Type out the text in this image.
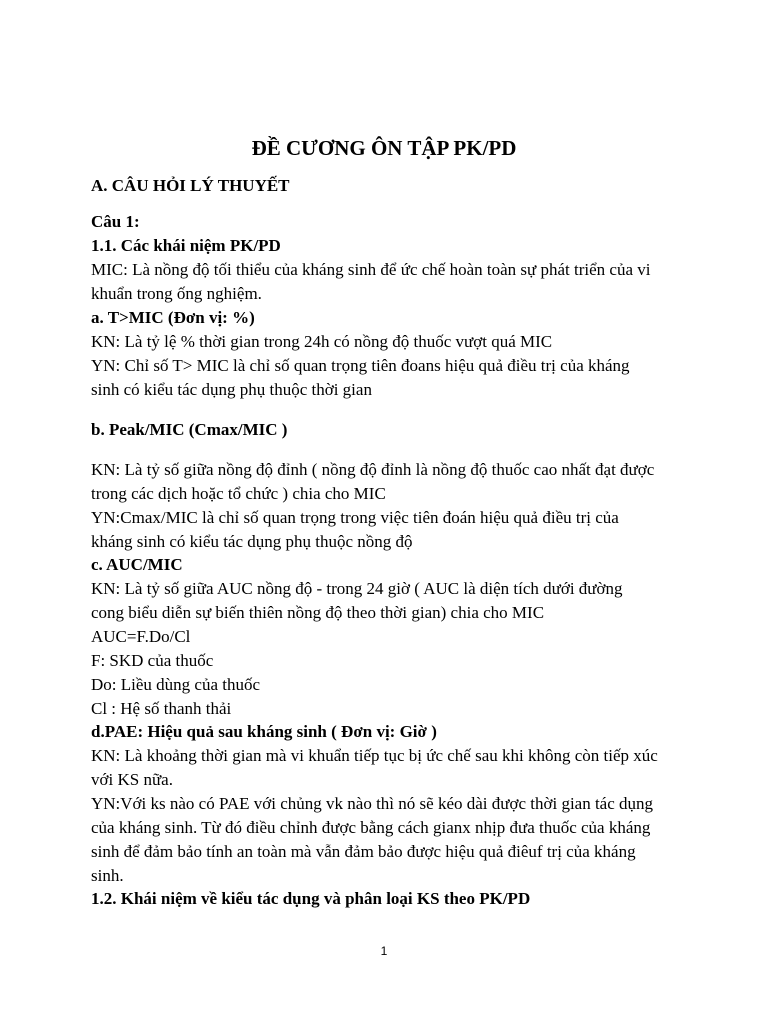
ĐỀ CƯƠNG ÔN TẬP PK/PD
A. CÂU HỎI LÝ THUYẾT
Câu 1:
1.1. Các khái niệm PK/PD
MIC: Là nồng độ tối thiểu của kháng sinh để ức chế hoàn toàn sự phát triển của vi
khuẩn trong ống nghiệm.
a. T>MIC (Đơn vị: %)
KN: Là tỷ lệ % thời gian trong 24h có nồng độ thuốc vượt quá MIC
YN: Chỉ số T> MIC là chỉ số quan trọng tiên đoans hiệu quả điều trị của kháng
sinh có kiểu tác dụng phụ thuộc thời gian
b. Peak/MIC (Cmax/MIC )
KN: Là tỷ số giữa nồng độ đỉnh ( nồng độ đỉnh là nồng độ thuốc cao nhất đạt được
trong các dịch hoặc tổ chức ) chia cho MIC
YN:Cmax/MIC là chỉ số quan trọng trong việc tiên đoán hiệu quả điều trị của
kháng sinh có kiểu tác dụng phụ thuộc nồng độ
c. AUC/MIC
KN: Là tỷ số giữa AUC nồng độ - trong 24 giờ ( AUC là diện tích dưới đường
cong biểu diễn sự biến thiên nồng độ theo thời gian) chia cho MIC
AUC=F.Do/Cl
F: SKD của thuốc
Do: Liều dùng của thuốc
Cl : Hệ số thanh thải
d.PAE: Hiệu quả sau kháng sinh ( Đơn vị: Giờ )
KN: Là khoảng thời gian mà vi khuẩn tiếp tục bị ức chế sau khi không còn tiếp xúc
với KS nữa.
YN:Với ks nào có PAE với chủng vk nào thì nó sẽ kéo dài được thời gian tác dụng
của kháng sinh. Từ đó điều chỉnh được bằng cách gianx nhịp đưa thuốc của kháng
sinh để đảm bảo tính an toàn mà vẫn đảm bảo được hiệu quả điêuf trị của kháng
sinh.
1.2. Khái niệm về kiểu tác dụng và phân loại KS theo PK/PD
1
